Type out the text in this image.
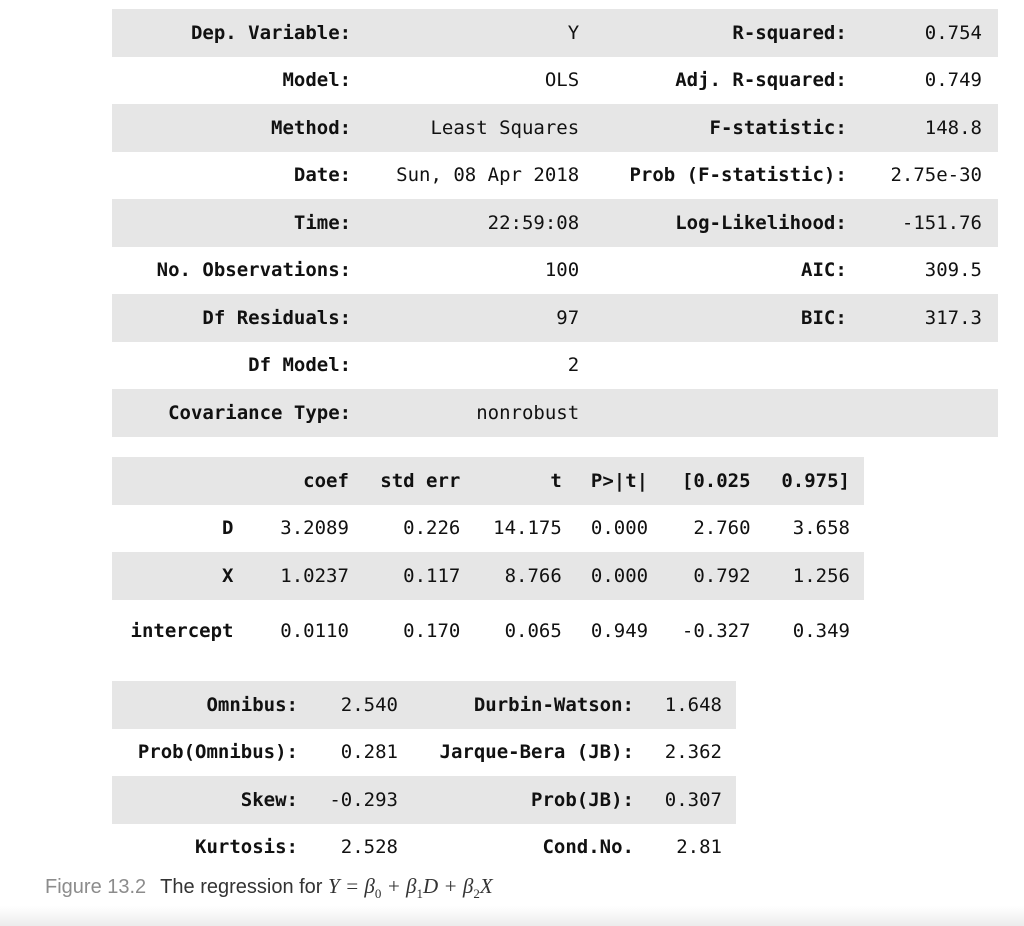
Dep. Variable:	Y	R-squared:	0.754
Model:	OLS	Adj. R-squared:	0.749
Method:	Least Squares	F-statistic:	148.8
Date:	Sun, 08 Apr 2018	Prob (F-statistic):	2.75e-30
Time:	22:59:08	Log-Likelihood:	-151.76
No. Observations:	100	AIC:	309.5
Df Residuals:	97	BIC:	317.3
Df Model:	2		
Covariance Type:	nonrobust		
	coef	std err	t	P>|t|	[0.025	0.975]
D	3.2089	0.226	14.175	0.000	2.760	3.658
X	1.0237	0.117	8.766	0.000	0.792	1.256
intercept	0.0110	0.170	0.065	0.949	-0.327	0.349
Omnibus:	2.540	Durbin-Watson:	1.648
Prob(Omnibus):	0.281	Jarque-Bera (JB):	2.362
Skew:	-0.293	Prob(JB):	0.307
Kurtosis:	2.528	Cond.No.	2.81

Figure 13.2 The regression for $Y = \beta_0 + \beta_1D + \beta_2X$
